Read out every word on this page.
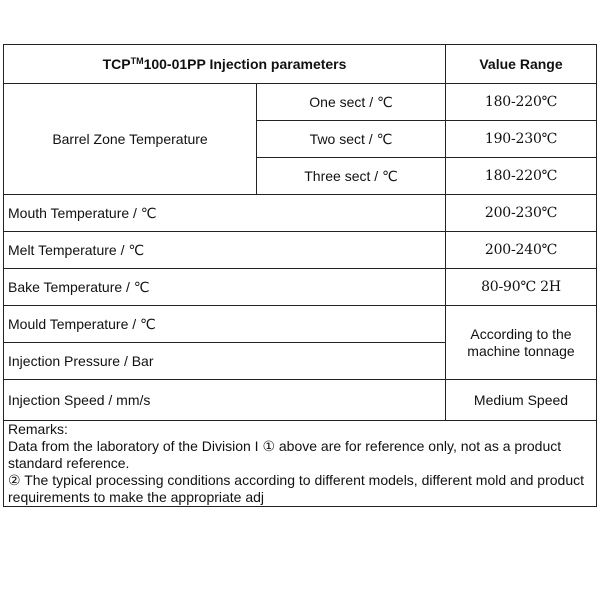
TCP™100-01PP Injection parameters		Value Range
Barrel Zone Temperature	One sect / ℃	180-220℃
	Two sect / ℃	190-230℃
	Three sect / ℃	180-220℃
Mouth Temperature / ℃		200-230℃
Melt Temperature / ℃		200-240℃
Bake Temperature / ℃		80-90℃ 2H
Mould Temperature / ℃		According to the machine tonnage
Injection Pressure / Bar		
Injection Speed / mm/s		Medium Speed

Remarks:
Data from the laboratory of the Division I ① above are for reference only, not as a product standard reference.
② The typical processing conditions according to different models, different mold and product requirements to make the appropriate adj		
